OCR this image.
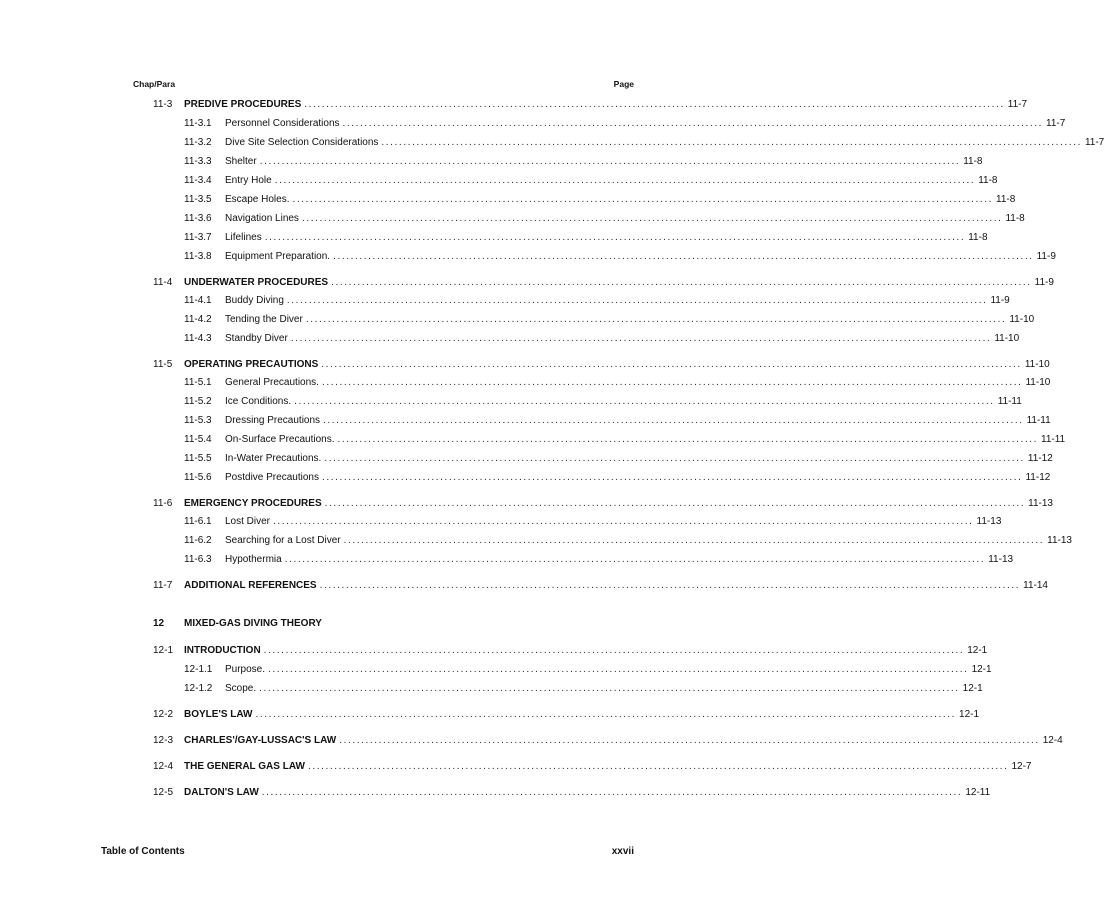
Chap/Para	Page
11-3 PREDIVE PROCEDURES ................................................................................................................................................................ 11-7
11-3.1 Personnel Considerations ................................................................................................................................................................ 11-7
11-3.2 Dive Site Selection Considerations ................................................................................................................................................................ 11-7
11-3.3 Shelter ................................................................................................................................................................ 11-8
11-3.4 Entry Hole ................................................................................................................................................................ 11-8
11-3.5 Escape Holes. ................................................................................................................................................................ 11-8
11-3.6 Navigation Lines ................................................................................................................................................................ 11-8
11-3.7 Lifelines ................................................................................................................................................................ 11-8
11-3.8 Equipment Preparation. ................................................................................................................................................................ 11-9
11-4 UNDERWATER PROCEDURES ................................................................................................................................................................ 11-9
11-4.1 Buddy Diving ................................................................................................................................................................ 11-9
11-4.2 Tending the Diver ................................................................................................................................................................ 11-10
11-4.3 Standby Diver ................................................................................................................................................................ 11-10
11-5 OPERATING PRECAUTIONS ................................................................................................................................................................ 11-10
11-5.1 General Precautions. ................................................................................................................................................................ 11-10
11-5.2 Ice Conditions. ................................................................................................................................................................ 11-11
11-5.3 Dressing Precautions ................................................................................................................................................................ 11-11
11-5.4 On-Surface Precautions. ................................................................................................................................................................ 11-11
11-5.5 In-Water Precautions. ................................................................................................................................................................ 11-12
11-5.6 Postdive Precautions ................................................................................................................................................................ 11-12
11-6 EMERGENCY PROCEDURES ................................................................................................................................................................ 11-13
11-6.1 Lost Diver ................................................................................................................................................................ 11-13
11-6.2 Searching for a Lost Diver ................................................................................................................................................................ 11-13
11-6.3 Hypothermia ................................................................................................................................................................ 11-13
11-7 ADDITIONAL REFERENCES ................................................................................................................................................................ 11-14
12 MIXED-GAS DIVING THEORY
12-1 INTRODUCTION ................................................................................................................................................................ 12-1
12-1.1 Purpose. ................................................................................................................................................................ 12-1
12-1.2 Scope. ................................................................................................................................................................ 12-1
12-2 BOYLE'S LAW ................................................................................................................................................................ 12-1
12-3 CHARLES'/GAY-LUSSAC'S LAW ................................................................................................................................................................ 12-4
12-4 THE GENERAL GAS LAW ................................................................................................................................................................ 12-7
12-5 DALTON'S LAW ................................................................................................................................................................ 12-11
Table of Contents	xxvii
